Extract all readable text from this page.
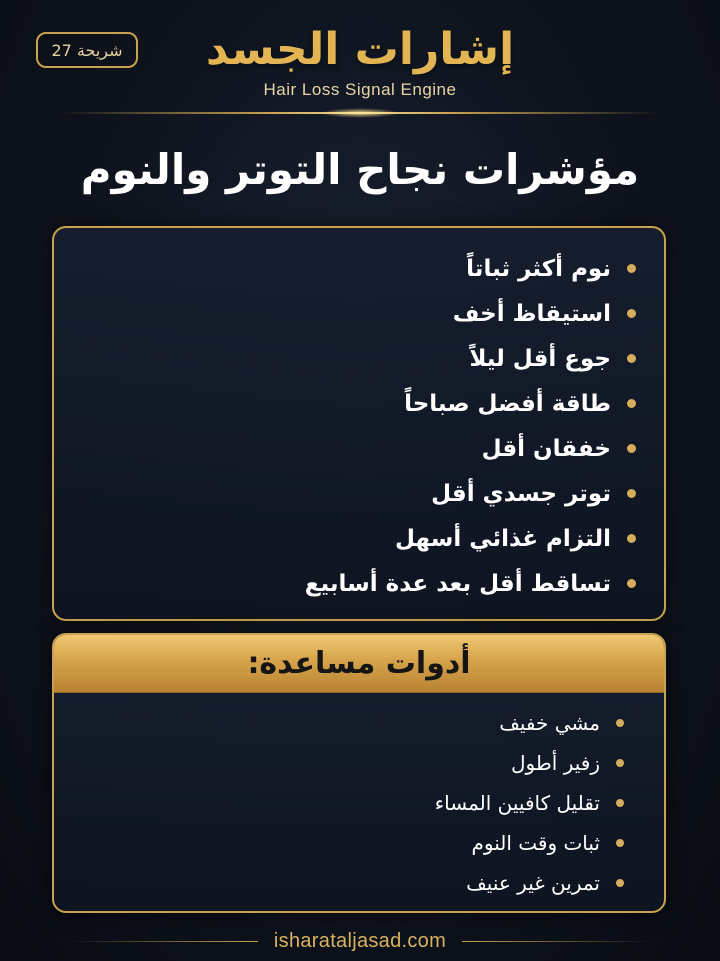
شريحة 27	إشارات الجسد
Hair Loss Signal Engine
مؤشرات نجاح التوتر والنوم
نوم أكثر ثباتاً
استيقاظ أخف
جوع أقل ليلاً
طاقة أفضل صباحاً
خفقان أقل
توتر جسدي أقل
التزام غذائي أسهل
تساقط أقل بعد عدة أسابيع
أدوات مساعدة:
مشي خفيف
زفير أطول
تقليل كافيين المساء
ثبات وقت النوم
تمرين غير عنيف
isharataljasad.com
